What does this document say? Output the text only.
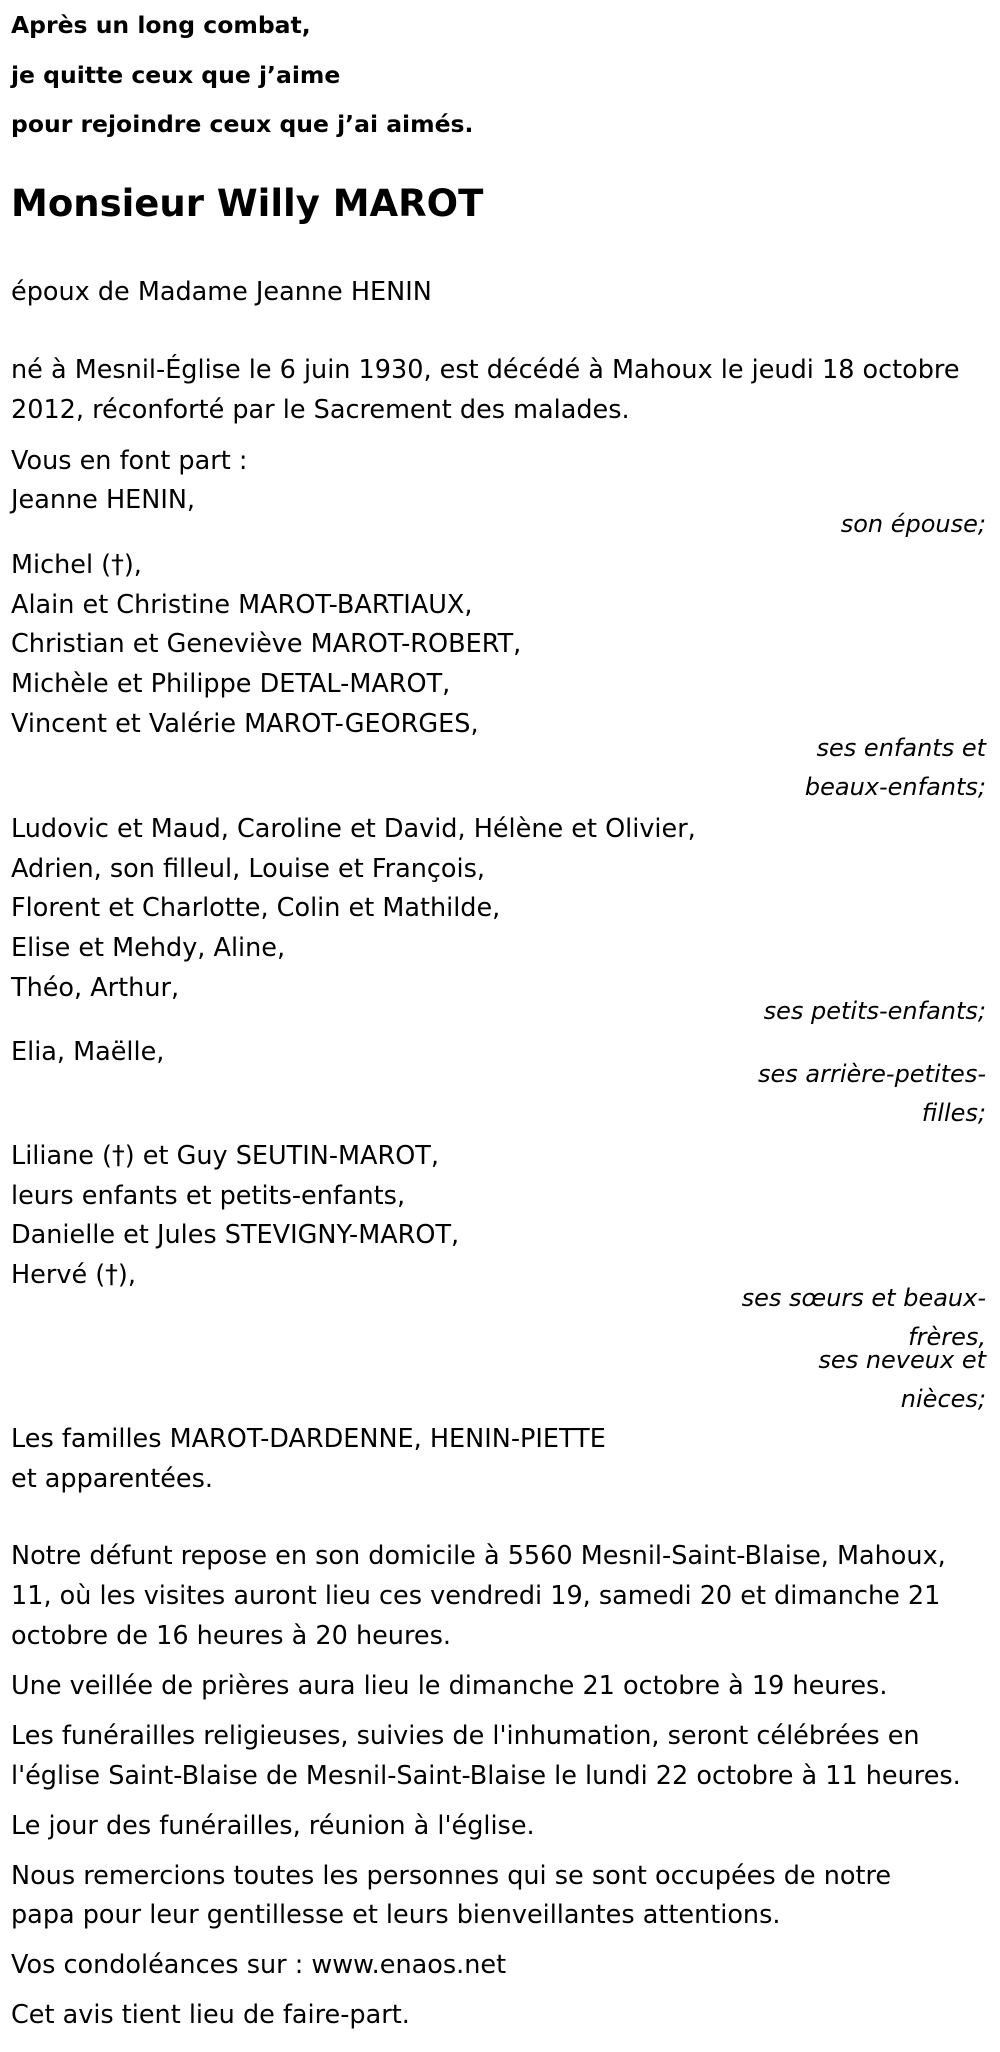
Après un long combat,
je quitte ceux que j’aime
pour rejoindre ceux que j’ai aimés.
Monsieur Willy MAROT
époux de Madame Jeanne HENIN
né à Mesnil-Église le 6 juin 1930, est décédé à Mahoux le jeudi 18 octobre
2012, réconforté par le Sacrement des malades.
Vous en font part :
Jeanne HENIN,
son épouse;
Michel (†),
Alain et Christine MAROT-BARTIAUX,
Christian et Geneviève MAROT-ROBERT,
Michèle et Philippe DETAL-MAROT,
Vincent et Valérie MAROT-GEORGES,
ses enfants et
beaux-enfants;
Ludovic et Maud, Caroline et David, Hélène et Olivier,
Adrien, son filleul, Louise et François,
Florent et Charlotte, Colin et Mathilde,
Elise et Mehdy, Aline,
Théo, Arthur,
ses petits-enfants;
Elia, Maëlle,
ses arrière-petites-
filles;
Liliane (†) et Guy SEUTIN-MAROT,
leurs enfants et petits-enfants,
Danielle et Jules STEVIGNY-MAROT,
Hervé (†),
ses sœurs et beaux-
frères,
ses neveux et
nièces;
Les familles MAROT-DARDENNE, HENIN-PIETTE
et apparentées.
Notre défunt repose en son domicile à 5560 Mesnil-Saint-Blaise, Mahoux,
11, où les visites auront lieu ces vendredi 19, samedi 20 et dimanche 21
octobre de 16 heures à 20 heures.
Une veillée de prières aura lieu le dimanche 21 octobre à 19 heures.
Les funérailles religieuses, suivies de l'inhumation, seront célébrées en
l'église Saint-Blaise de Mesnil-Saint-Blaise le lundi 22 octobre à 11 heures.
Le jour des funérailles, réunion à l'église.
Nous remercions toutes les personnes qui se sont occupées de notre
papa pour leur gentillesse et leurs bienveillantes attentions.
Vos condoléances sur : www.enaos.net
Cet avis tient lieu de faire-part.
